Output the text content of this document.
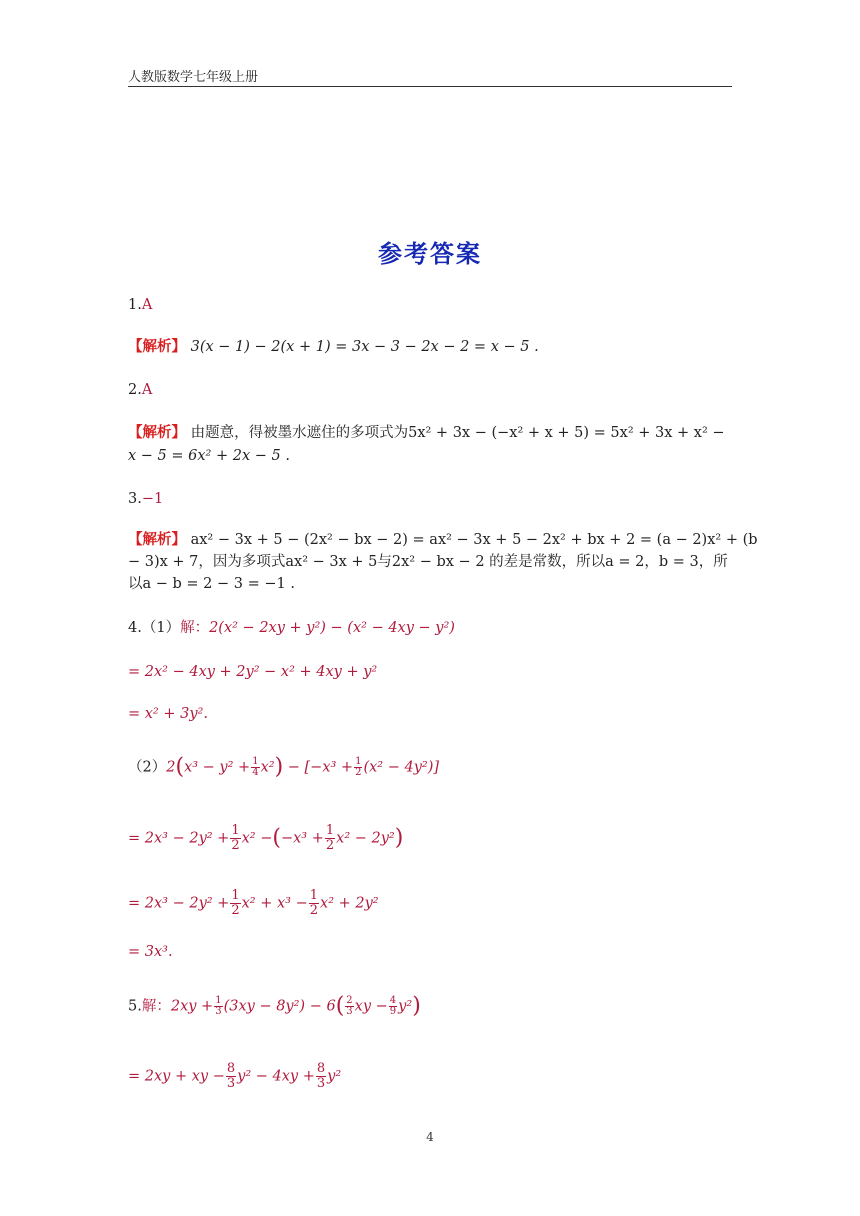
人教版数学七年级上册
参考答案
1.A
【解析】 3(x − 1) − 2(x + 1) = 3x − 3 − 2x − 2 = x − 5 .
2.A
【解析】 由题意，得被墨水遮住的多项式为5x² + 3x − (−x² + x + 5) = 5x² + 3x + x² −
x − 5 = 6x² + 2x − 5 .
3.−1
【解析】 ax² − 3x + 5 − (2x² − bx − 2) = ax² − 3x + 5 − 2x² + bx + 2 = (a − 2)x² + (b
− 3)x + 7，因为多项式ax² − 3x + 5与2x² − bx − 2 的差是常数，所以a = 2，b = 3，所
以a − b = 2 − 3 = −1 .
4.（1）解：2(x² − 2xy + y²) − (x² − 4xy − y²)
= 2x² − 4xy + 2y² − x² + 4xy + y²
= x² + 3y².
$(2)2(x^3 - y^2 + \frac{1}{4} x^2) - [-x^3 + \frac{1}{2} (x^2 - 4y^2)]$
= $2x^3 - 2y^2 + \frac{1}{2} x^2 -(-x^3 + \frac{1}{2} x^2 - 2y^2)$
= $2x^3 - 2y^2 + \frac{1}{2} x^2 + x^3 - \frac{1}{2} x^2 + 2y^2$
= 3x³.
5.解：$2xy + \frac{1}{3} (3xy - 8y^2) - 6( \frac{2}{3}$ xy − $\frac{4}{9} y^2$)
= 2xy + xy − $\frac{8}{3} y^2 - 4xy + \frac{8}{3} y^2$
4
